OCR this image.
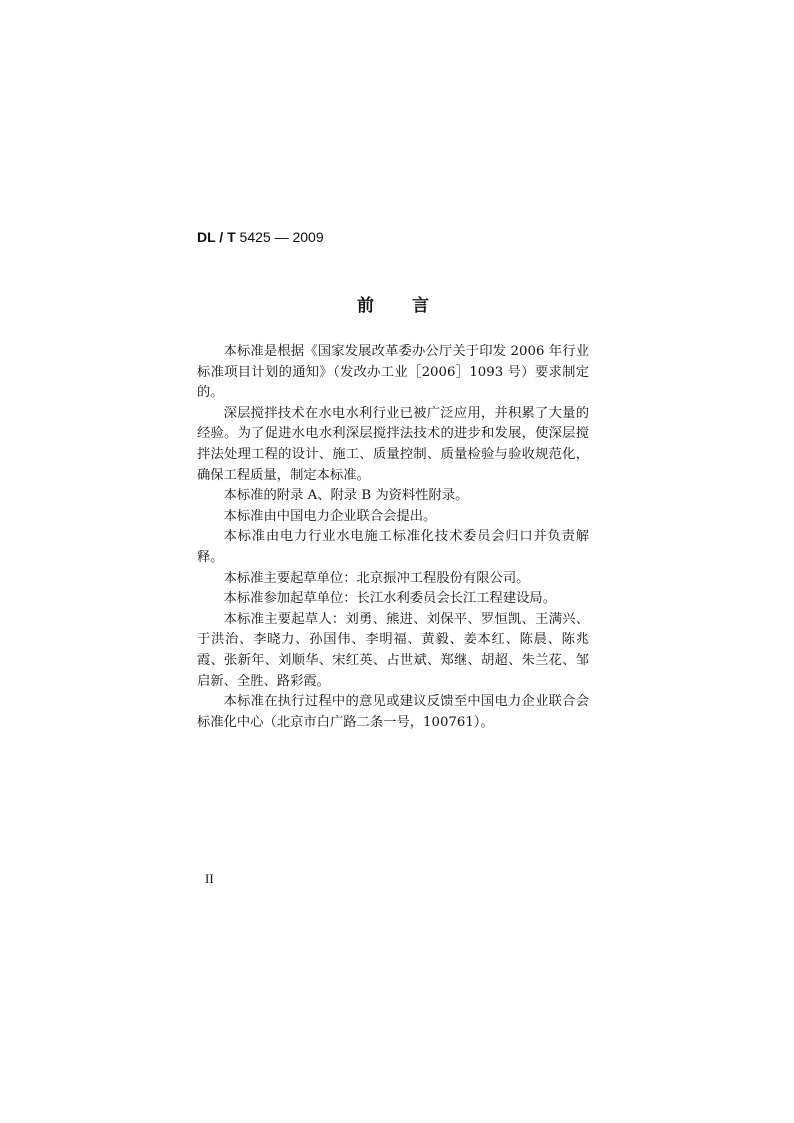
DL / T 5425 — 2009
前 言

本标准是根据《国家发展改革委办公厅关于印发 2006 年行业标准项目计划的通知》（发改办工业［2006］1093 号）要求制定的。

深层搅拌技术在水电水利行业已被广泛应用，并积累了大量的经验。为了促进水电水利深层搅拌法技术的进步和发展，使深层搅拌法处理工程的设计、施工、质量控制、质量检验与验收规范化，确保工程质量，制定本标准。

本标准的附录 A、附录 B 为资料性附录。

本标准由中国电力企业联合会提出。

本标准由电力行业水电施工标准化技术委员会归口并负责解释。

本标准主要起草单位：北京振冲工程股份有限公司。

本标准参加起草单位：长江水利委员会长江工程建设局。

本标准主要起草人：刘勇、熊进、刘保平、罗恒凯、王满兴、于洪治、李晓力、孙国伟、李明福、黄毅、姜本红、陈晨、陈兆霞、张新年、刘顺华、宋红英、占世斌、郑继、胡超、朱兰花、邹启新、全胜、路彩霞。

本标准在执行过程中的意见或建议反馈至中国电力企业联合会标准化中心（北京市白广路二条一号，100761）。

II
